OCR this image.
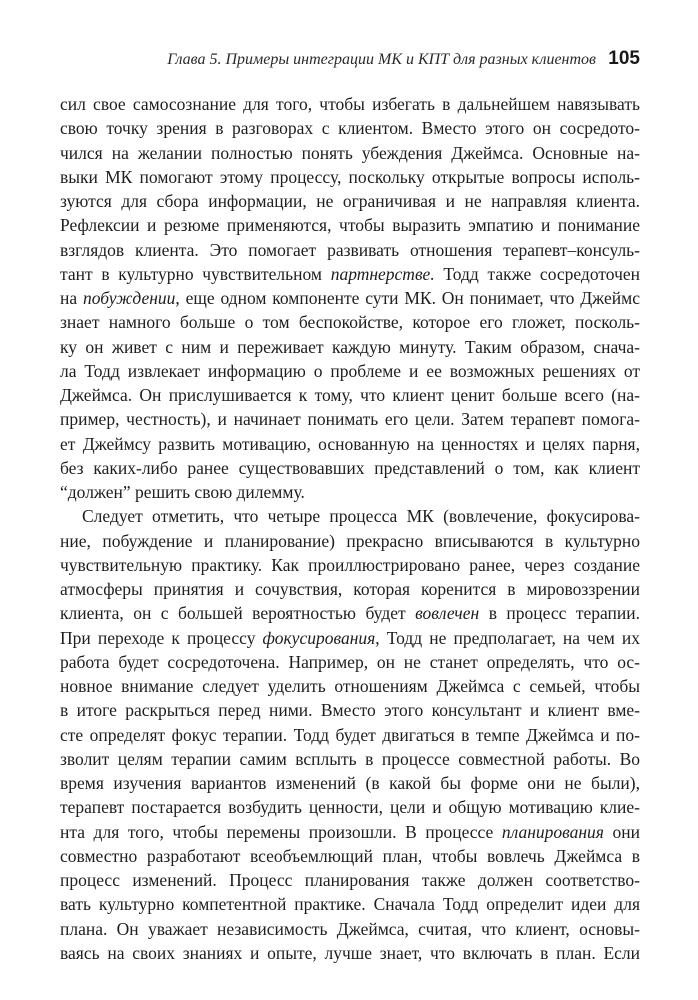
Глава 5. Примеры интеграции МК и КПТ для разных клиентов 105
сил свое самосознание для того, чтобы избегать в дальнейшем навязывать
свою точку зрения в разговорах с клиентом. Вместо этого он сосредото-
чился на желании полностью понять убеждения Джеймса. Основные на-
выки МК помогают этому процессу, поскольку открытые вопросы исполь-
зуются для сбора информации, не ограничивая и не направляя клиента.
Рефлексии и резюме применяются, чтобы выразить эмпатию и понимание
взглядов клиента. Это помогает развивать отношения терапевт–консуль-
тант в культурно чувствительном партнерстве. Тодд также сосредоточен
на побуждении, еще одном компоненте сути МК. Он понимает, что Джеймс
знает намного больше о том беспокойстве, которое его гложет, посколь-
ку он живет с ним и переживает каждую минуту. Таким образом, снача-
ла Тодд извлекает информацию о проблеме и ее возможных решениях от
Джеймса. Он прислушивается к тому, что клиент ценит больше всего (на-
пример, честность), и начинает понимать его цели. Затем терапевт помога-
ет Джеймсу развить мотивацию, основанную на ценностях и целях парня,
без каких-либо ранее существовавших представлений о том, как клиент
“должен” решить свою дилемму.
Следует отметить, что четыре процесса МК (вовлечение, фокусирова-
ние, побуждение и планирование) прекрасно вписываются в культурно
чувствительную практику. Как проиллюстрировано ранее, через создание
атмосферы принятия и сочувствия, которая коренится в мировоззрении
клиента, он с большей вероятностью будет вовлечен в процесс терапии.
При переходе к процессу фокусирования, Тодд не предполагает, на чем их
работа будет сосредоточена. Например, он не станет определять, что ос-
новное внимание следует уделить отношениям Джеймса с семьей, чтобы
в итоге раскрыться перед ними. Вместо этого консультант и клиент вме-
сте определят фокус терапии. Тодд будет двигаться в темпе Джеймса и по-
зволит целям терапии самим всплыть в процессе совместной работы. Во
время изучения вариантов изменений (в какой бы форме они не были),
терапевт постарается возбудить ценности, цели и общую мотивацию клие-
нта для того, чтобы перемены произошли. В процессе планирования они
совместно разработают всеобъемлющий план, чтобы вовлечь Джеймса в
процесс изменений. Процесс планирования также должен соответство-
вать культурно компетентной практике. Сначала Тодд определит идеи для
плана. Он уважает независимость Джеймса, считая, что клиент, основы-
ваясь на своих знаниях и опыте, лучше знает, что включать в план. Если
